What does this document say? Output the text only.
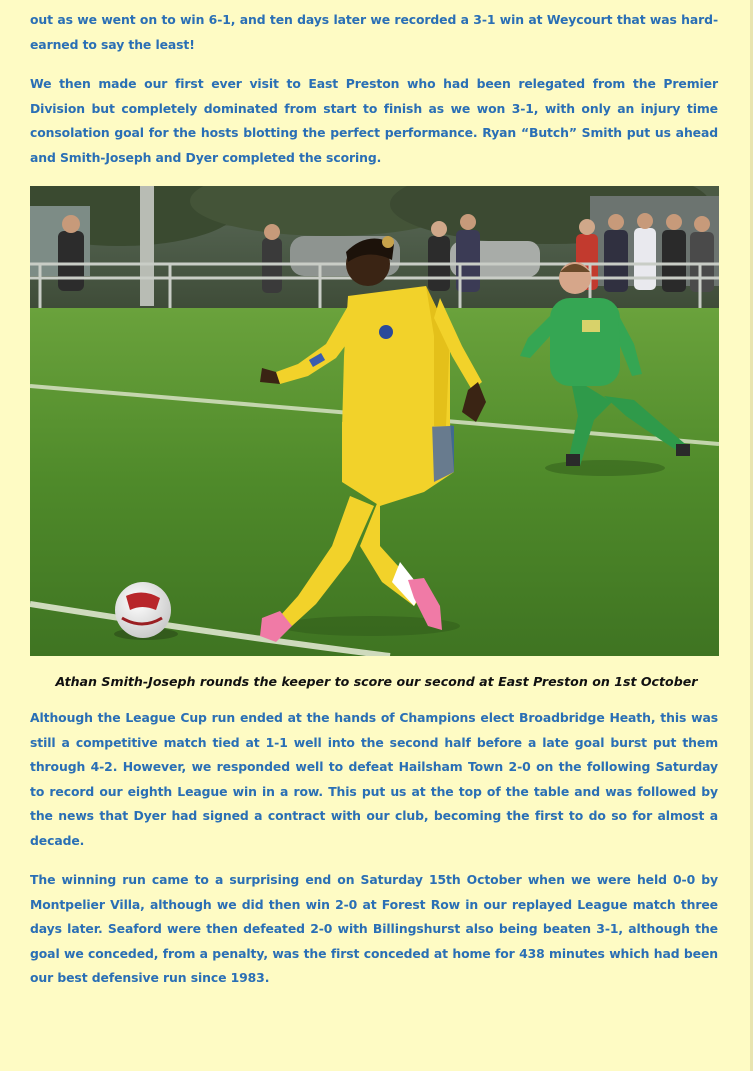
out as we went on to win 6-1, and ten days later we recorded a 3-1 win at Weycourt that was hard-earned to say the least!

We then made our first ever visit to East Preston who had been relegated from the Premier Division but completely dominated from start to finish as we won 3-1, with only an injury time consolation goal for the hosts blotting the perfect performance. Ryan “Butch” Smith put us ahead and Smith-Joseph and Dyer completed the scoring.

Athan Smith-Joseph rounds the keeper to score our second at East Preston on 1st October

Although the League Cup run ended at the hands of Champions elect Broadbridge Heath, this was still a competitive match tied at 1-1 well into the second half before a late goal burst put them through 4-2. However, we responded well to defeat Hailsham Town 2-0 on the following Saturday to record our eighth League win in a row. This put us at the top of the table and was followed by the news that Dyer had signed a contract with our club, becoming the first to do so for almost a decade.

The winning run came to a surprising end on Saturday 15th October when we were held 0-0 by Montpelier Villa, although we did then win 2-0 at Forest Row in our replayed League match three days later. Seaford were then defeated 2-0 with Billingshurst also being beaten 3-1, although the goal we conceded, from a penalty, was the first conceded at home for 438 minutes which had been our best defensive run since 1983.
